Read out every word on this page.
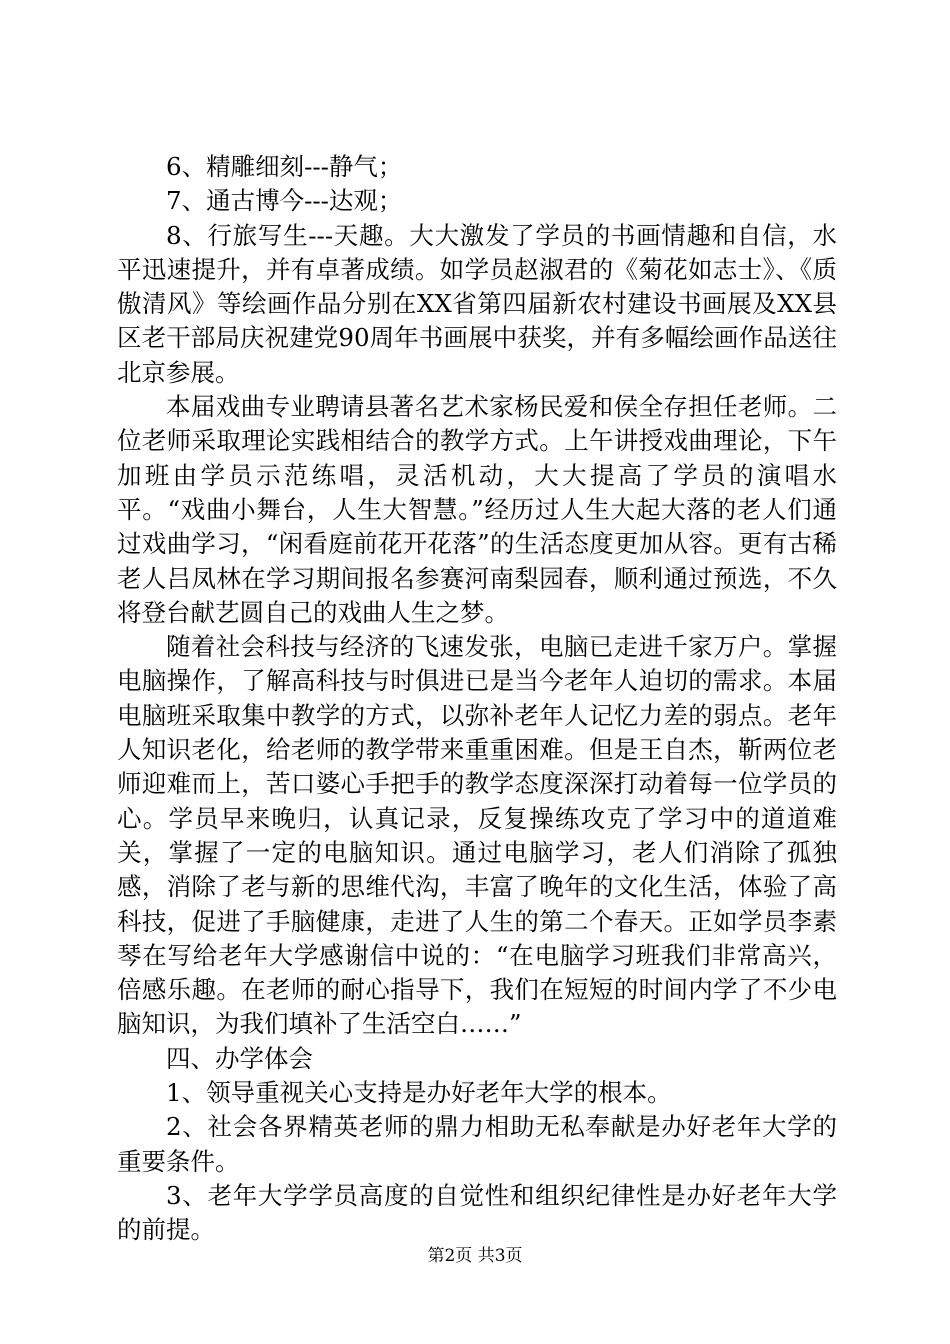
6、精雕细刻---静气；

7、通古博今---达观；

8、行旅写生---天趣。大大激发了学员的书画情趣和自信，水平迅速提升，并有卓著成绩。如学员赵淑君的《菊花如志士》、《质傲清风》等绘画作品分别在XX省第四届新农村建设书画展及XX县区老干部局庆祝建党90周年书画展中获奖，并有多幅绘画作品送往北京参展。

本届戏曲专业聘请县著名艺术家杨民爱和侯全存担任老师。二位老师采取理论实践相结合的教学方式。上午讲授戏曲理论，下午加班由学员示范练唱，灵活机动，大大提高了学员的演唱水平。“戏曲小舞台，人生大智慧。”经历过人生大起大落的老人们通过戏曲学习，“闲看庭前花开花落”的生活态度更加从容。更有古稀老人吕凤林在学习期间报名参赛河南梨园春，顺利通过预选，不久将登台献艺圆自己的戏曲人生之梦。

随着社会科技与经济的飞速发张，电脑已走进千家万户。掌握电脑操作，了解高科技与时俱进已是当今老年人迫切的需求。本届电脑班采取集中教学的方式，以弥补老年人记忆力差的弱点。老年人知识老化，给老师的教学带来重重困难。但是王自杰，靳两位老师迎难而上，苦口婆心手把手的教学态度深深打动着每一位学员的心。学员早来晚归，认真记录，反复操练攻克了学习中的道道难关，掌握了一定的电脑知识。通过电脑学习，老人们消除了孤独感，消除了老与新的思维代沟，丰富了晚年的文化生活，体验了高科技，促进了手脑健康，走进了人生的第二个春天。正如学员李素琴在写给老年大学感谢信中说的：“在电脑学习班我们非常高兴，倍感乐趣。在老师的耐心指导下，我们在短短的时间内学了不少电脑知识，为我们填补了生活空白……”

四、办学体会

1、领导重视关心支持是办好老年大学的根本。

2、社会各界精英老师的鼎力相助无私奉献是办好老年大学的重要条件。

3、老年大学学员高度的自觉性和组织纪律性是办好老年大学的前提。

第2页 共3页
